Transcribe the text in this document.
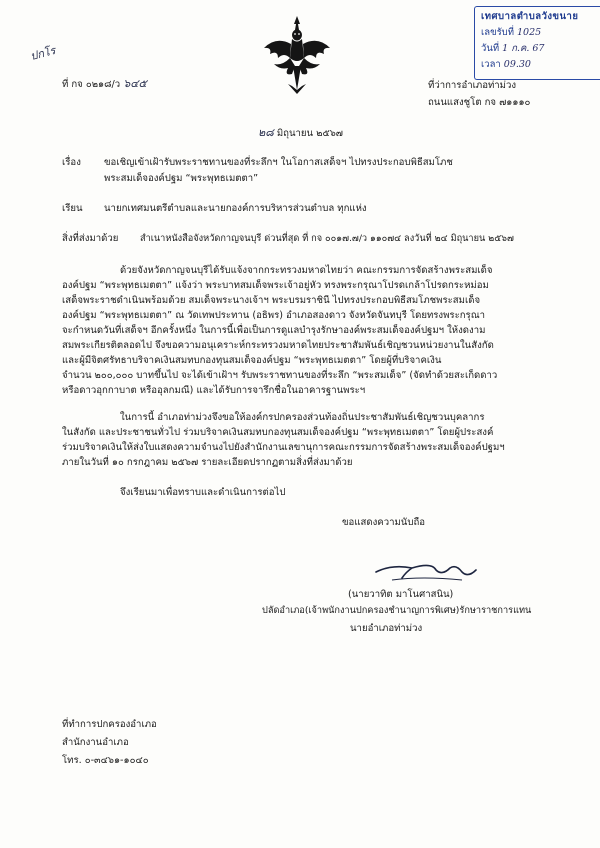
ปกโร
เทศบาลตำบลวังขนาย
เลขรับที่ 1025
วันที่ 1 ก.ค. 67
เวลา 09.30
ที่ กจ ๐๒๑๘/ว ๖๔๕	ที่ว่าการอำเภอท่าม่วง
ถนนแสงชูโต กจ ๗๑๑๑๐
๒๘ มิถุนายน ๒๕๖๗
เรื่อง ขอเชิญเข้าเฝ้ารับพระราชทานของที่ระลึกฯ ในโอกาสเสด็จฯ ไปทรงประกอบพิธีสมโภช
พระสมเด็จองค์ปฐม “พระพุทธเมตตา”
เรียน นายกเทศมนตรีตำบลและนายกองค์การบริหารส่วนตำบล ทุกแห่ง
สิ่งที่ส่งมาด้วย สำเนาหนังสือจังหวัดกาญจนบุรี ด่วนที่สุด ที่ กจ ๐๐๑๗.๗/ว ๑๑๐๗๔ ลงวันที่ ๒๔ มิถุนายน ๒๕๖๗
ด้วยจังหวัดกาญจนบุรีได้รับแจ้งจากกระทรวงมหาดไทยว่า คณะกรรมการจัดสร้างพระสมเด็จ
องค์ปฐม “พระพุทธเมตตา” แจ้งว่า พระบาทสมเด็จพระเจ้าอยู่หัว ทรงพระกรุณาโปรดเกล้าโปรดกระหม่อม
เสด็จพระราชดำเนินพร้อมด้วย สมเด็จพระนางเจ้าฯ พระบรมราชินี ไปทรงประกอบพิธีสมโภชพระสมเด็จ
องค์ปฐม “พระพุทธเมตตา” ณ วัดเทพประทาน (อธิพร) อำเภอสองดาว จังหวัดจันทบุรี โดยทรงพระกรุณา
จะกำหนดวันที่เสด็จฯ อีกครั้งหนึ่ง ในการนี้เพื่อเป็นการดูแลบำรุงรักษาองค์พระสมเด็จองค์ปฐมฯ ให้งดงาม
สมพระเกียรติตลอดไป จึงขอความอนุเคราะห์กระทรวงมหาดไทยประชาสัมพันธ์เชิญชวนหน่วยงานในสังกัด
และผู้มีจิตศรัทธาบริจาคเงินสมทบกองทุนสมเด็จองค์ปฐม “พระพุทธเมตตา” โดยผู้ที่บริจาคเงิน
จำนวน ๒๐๐,๐๐๐ บาทขึ้นไป จะได้เข้าเฝ้าฯ รับพระราชทานของที่ระลึก “พระสมเด็จ” (จัดทำด้วยสะเก็ดดาว
หรือดาวอุกกาบาต หรืออุลกมณี) และได้รับการจารึกชื่อในอาคารฐานพระฯ
ในการนี้ อำเภอท่าม่วงจึงขอให้องค์กรปกครองส่วนท้องถิ่นประชาสัมพันธ์เชิญชวนบุคลากร
ในสังกัด และประชาชนทั่วไป ร่วมบริจาคเงินสมทบกองทุนสมเด็จองค์ปฐม “พระพุทธเมตตา” โดยผู้ประสงค์
ร่วมบริจาคเงินให้ส่งใบแสดงความจำนงไปยังสำนักงานเลขานุการคณะกรรมการจัดสร้างพระสมเด็จองค์ปฐมฯ
ภายในวันที่ ๑๐ กรกฎาคม ๒๕๖๗ รายละเอียดปรากฏตามสิ่งที่ส่งมาด้วย
จึงเรียนมาเพื่อทราบและดำเนินการต่อไป
ขอแสดงความนับถือ
(นายวาทิต มาโนศาสนิน)
ปลัดอำเภอ(เจ้าพนักงานปกครองชำนาญการพิเศษ)รักษาราชการแทน
นายอำเภอท่าม่วง
ที่ทำการปกครองอำเภอ
สำนักงานอำเภอ
โทร. ๐-๓๔๖๑-๑๐๔๐
